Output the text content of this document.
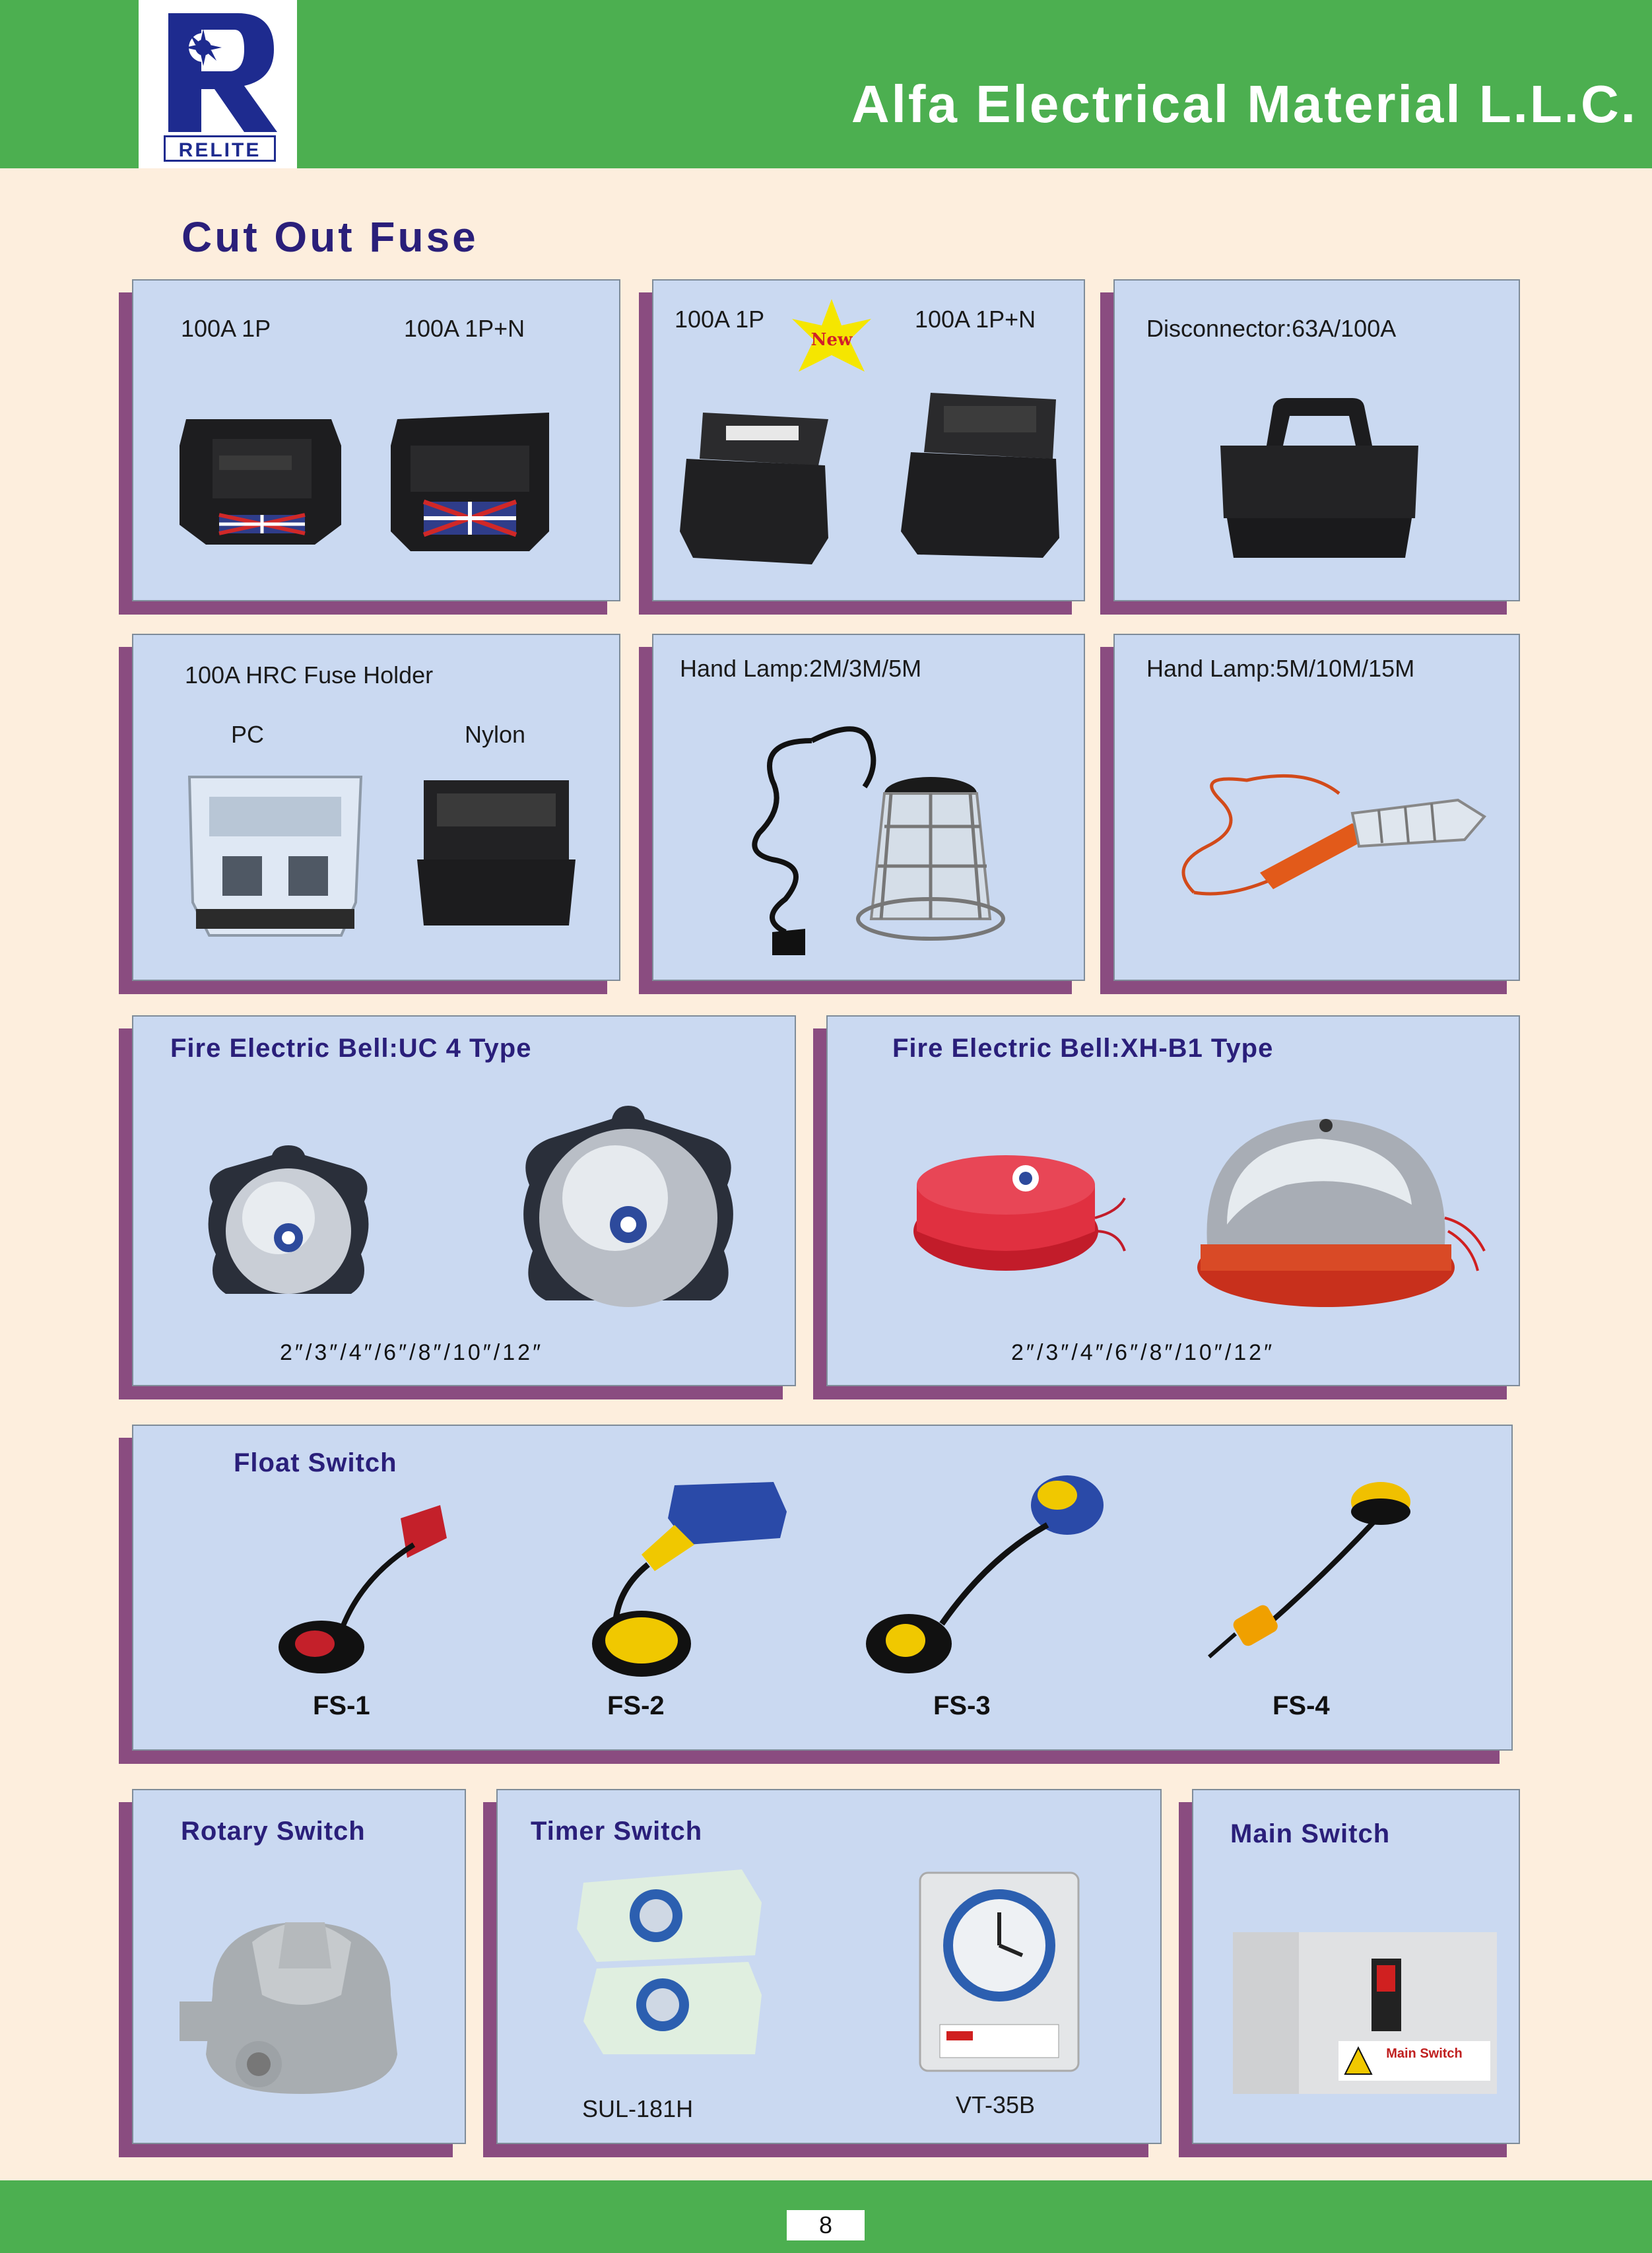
RELITE
Alfa Electrical Material L.L.C.
Cut Out Fuse
100A 1P	100A 1P+N	100A 1P	100A 1P+N
New	Disconnector:63A/100A
100A HRC Fuse Holder
PC	Nylon
Hand Lamp:2M/3M/5M	Hand Lamp:5M/10M/15M
Fire Electric Bell:UC 4 Type
2″/3″/4″/6″/8″/10″/12″
Fire Electric Bell:XH-B1 Type
2″/3″/4″/6″/8″/10″/12″
Float Switch
FS-1	FS-2	FS-3	FS-4
Rotary Switch	Timer Switch
SUL-181H	VT-35B
Main Switch
Main Switch
8
